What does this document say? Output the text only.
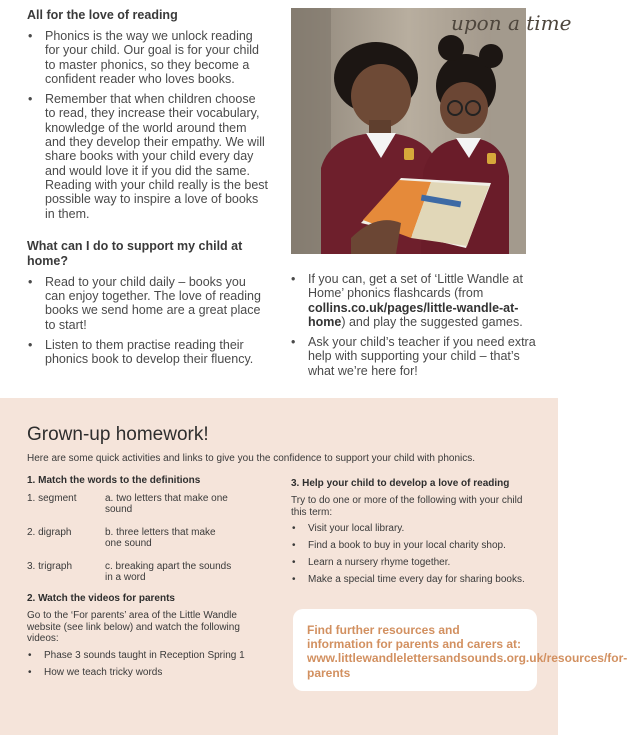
All for the love of reading
• Phonics is the way we unlock reading for your child. Our goal is for your child to master phonics, so they become a confident reader who loves books.
• Remember that when children choose to read, they increase their vocabulary, knowledge of the world around them and they develop their empathy. We will share books with your child every day and would love it if you did the same. Reading with your child really is the best possible way to inspire a love of books in them.
What can I do to support my child at home?
• Read to your child daily – books you can enjoy together. The love of reading books we send home are a great place to start!
• Listen to them practise reading their phonics book to develop their fluency.
upon a time
• If you can, get a set of ‘Little Wandle at Home’ phonics flashcards (from collins.co.uk/pages/little-wandle-at-home) and play the suggested games.
• Ask your child’s teacher if you need extra help with supporting your child – that’s what we’re here for!
Grown-up homework!
Here are some quick activities and links to give you the confidence to support your child with phonics.

1. Match the words to the definitions

1. segment	a. two letters that make one sound
2. digraph	b. three letters that make one sound
3. trigraph	c. breaking apart the sounds in a word

2. Watch the videos for parents

Go to the ‘For parents’ area of the Little Wandle website (see link below) and watch the following videos:
• Phase 3 sounds taught in Reception Spring 1
• How we teach tricky words

3. Help your child to develop a love of reading

Try to do one or more of the following with your child this term:
• Visit your local library.
• Find a book to buy in your local charity shop.
• Learn a nursery rhyme together.
• Make a special time every day for sharing books.

Find further resources and information for parents and carers at: www.littlewandlelettersandsounds.org.uk/resources/for-parents
